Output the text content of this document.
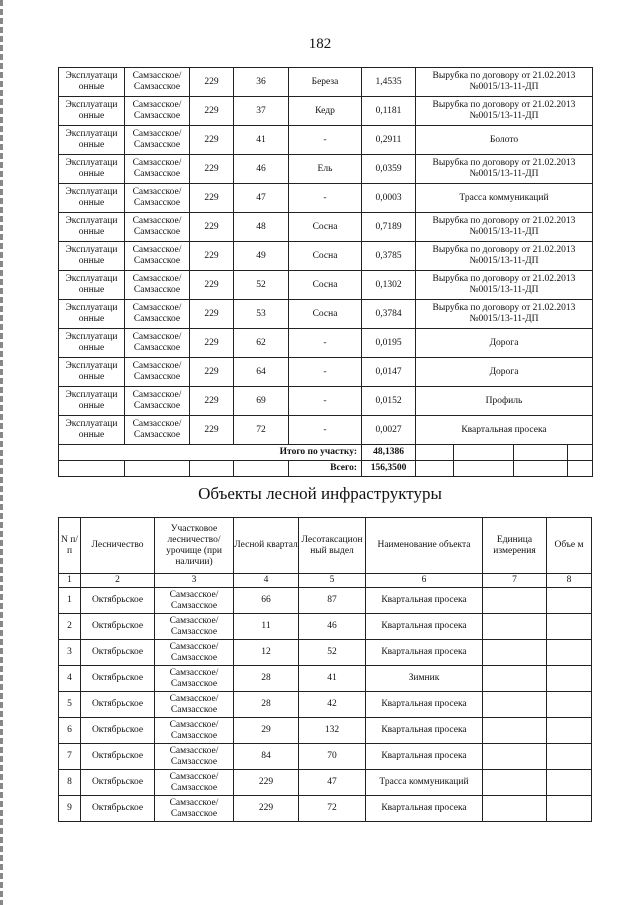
182
Эксплуатаци онные	Самзасское/ Самзасское	229	36	Береза	1,4535	Вырубка по договору от 21.02.2013 №0015/13-11-ДП
Эксплуатаци онные	Самзасское/ Самзасское	229	37	Кедр	0,1181	Вырубка по договору от 21.02.2013 №0015/13-11-ДП
Эксплуатаци онные	Самзасское/ Самзасское	229	41	-	0,2911	Болото
Эксплуатаци онные	Самзасское/ Самзасское	229	46	Ель	0,0359	Вырубка по договору от 21.02.2013 №0015/13-11-ДП
Эксплуатаци онные	Самзасское/ Самзасское	229	47	-	0,0003	Трасса коммуникаций
Эксплуатаци онные	Самзасское/ Самзасское	229	48	Сосна	0,7189	Вырубка по договору от 21.02.2013 №0015/13-11-ДП
Эксплуатаци онные	Самзасское/ Самзасское	229	49	Сосна	0,3785	Вырубка по договору от 21.02.2013 №0015/13-11-ДП
Эксплуатаци онные	Самзасское/ Самзасское	229	52	Сосна	0,1302	Вырубка по договору от 21.02.2013 №0015/13-11-ДП
Эксплуатаци онные	Самзасское/ Самзасское	229	53	Сосна	0,3784	Вырубка по договору от 21.02.2013 №0015/13-11-ДП
Эксплуатаци онные	Самзасское/ Самзасское	229	62	-	0,0195	Дорога
Эксплуатаци онные	Самзасское/ Самзасское	229	64	-	0,0147	Дорога
Эксплуатаци онные	Самзасское/ Самзасское	229	69	-	0,0152	Профиль
Эксплуатаци онные	Самзасское/ Самзасское	229	72	-	0,0027	Квартальная просека
Итого по участку:					48,1386	

				Всего:	156,3500	
Объекты лесной инфраструктуры
N п/ п	Лесничество	Участковое лесничество/ урочище (при наличии)	Лесной квартал	Лесотаксацион ный выдел	Наименование объекта	Единица измерения	Объе м
1	2	3	4	5	6	7	8
1	Октябрьское	Самзасское/ Самзасское	66	87	Квартальная просека		
2	Октябрьское	Самзасское/ Самзасское	11	46	Квартальная просека		
3	Октябрьское	Самзасское/ Самзасское	12	52	Квартальная просека		
4	Октябрьское	Самзасское/ Самзасское	28	41	Зимник		
5	Октябрьское	Самзасское/ Самзасское	28	42	Квартальная просека		
6	Октябрьское	Самзасское/ Самзасское	29	132	Квартальная просека		
7	Октябрьское	Самзасское/ Самзасское	84	70	Квартальная просека		
8	Октябрьское	Самзасское/ Самзасское	229	47	Трасса коммуникаций		
9	Октябрьское	Самзасское/ Самзасское	229	72	Квартальная просека		
